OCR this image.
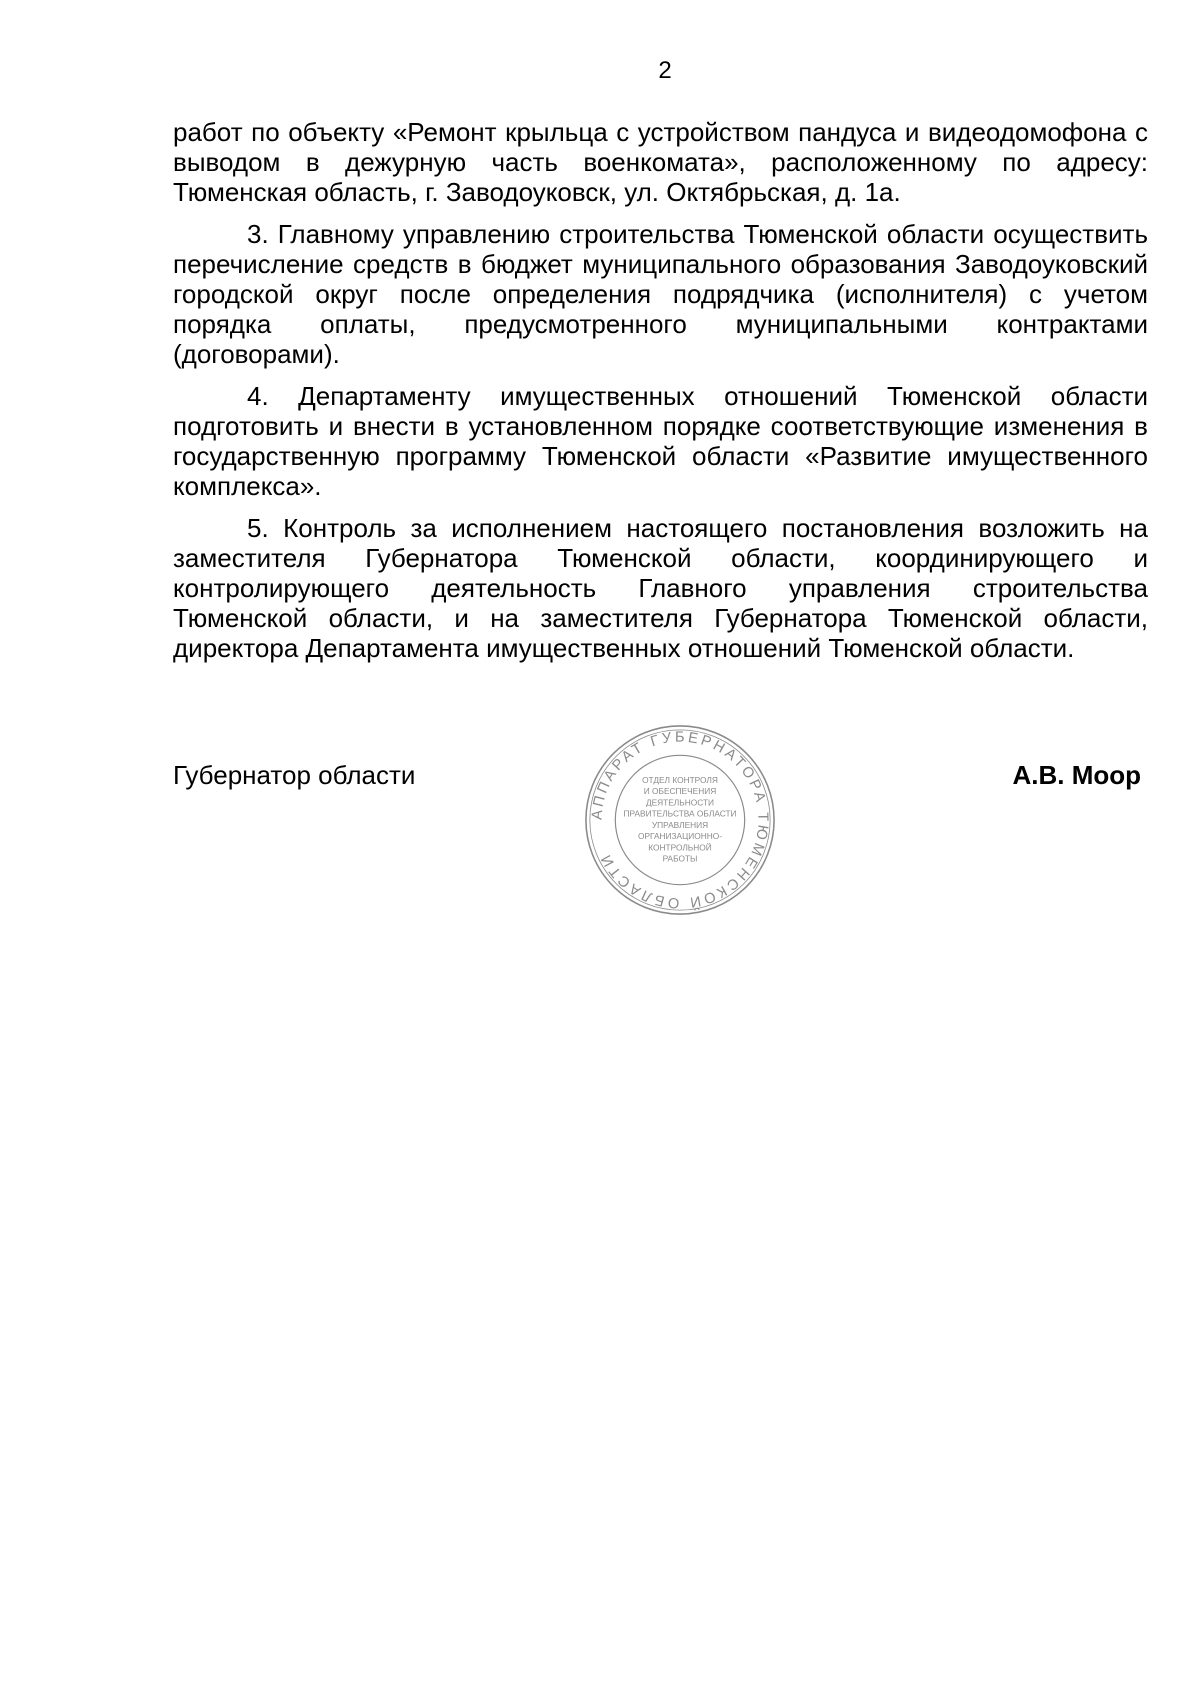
2

работ по объекту «Ремонт крыльца с устройством пандуса и видеодомофона с выводом в дежурную часть военкомата», расположенному по адресу: Тюменская область, г. Заводоуковск, ул. Октябрьская, д. 1а.

3. Главному управлению строительства Тюменской области осуществить перечисление средств в бюджет муниципального образования Заводоуковский городской округ после определения подрядчика (исполнителя) с учетом порядка оплаты, предусмотренного муниципальными контрактами (договорами).

4. Департаменту имущественных отношений Тюменской области подготовить и внести в установленном порядке соответствующие изменения в государственную программу Тюменской области «Развитие имущественного комплекса».

5. Контроль за исполнением настоящего постановления возложить на заместителя Губернатора Тюменской области, координирующего и контролирующего деятельность Главного управления строительства Тюменской области, и на заместителя Губернатора Тюменской области, директора Департамента имущественных отношений Тюменской области.

Губернатор области
АППАРАТ ГУБЕРНАТОРА ТЮМЕНСКОЙ ОБЛАСТИ
ОТДЕЛ КОНТРОЛЯ
И ОБЕСПЕЧЕНИЯ
ДЕЯТЕЛЬНОСТИ
ПРАВИТЕЛЬСТВА ОБЛАСТИ
УПРАВЛЕНИЯ
ОРГАНИЗАЦИОННО-
КОНТРОЛЬНОЙ
РАБОТЫ
А.В. Моор
